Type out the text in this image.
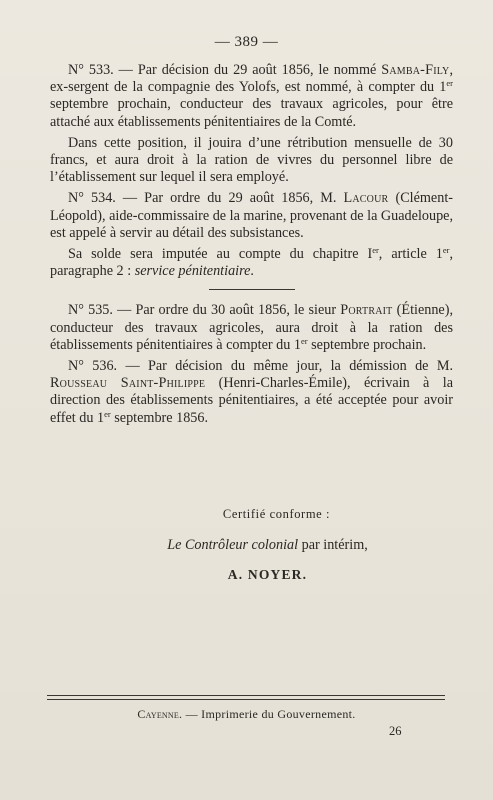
— 389 —

N° 533. — Par décision du 29 août 1856, le nommé Samba-Fily, ex-sergent de la compagnie des Yolofs, est nommé, à compter du 1er septembre prochain, conducteur des travaux agricoles, pour être attaché aux établissements pénitentiaires de la Comté.

Dans cette position, il jouira d’une rétribution mensuelle de 30 francs, et aura droit à la ration de vivres du personnel libre de l’établissement sur lequel il sera employé.

N° 534. — Par ordre du 29 août 1856, M. Lacour (Clément-Léopold), aide-commissaire de la marine, provenant de la Guadeloupe, est appelé à servir au détail des subsistances.

Sa solde sera imputée au compte du chapitre Ier, article 1er, paragraphe 2 : service pénitentiaire.

N° 535. — Par ordre du 30 août 1856, le sieur Portrait (Étienne), conducteur des travaux agricoles, aura droit à la ration des établissements pénitentiaires à compter du 1er septembre prochain.

N° 536. — Par décision du même jour, la démission de M. Rousseau Saint-Philippe (Henri-Charles-Émile), écrivain à la direction des établissements pénitentiaires, a été acceptée pour avoir effet du 1er septembre 1856.

Certifié conforme :
Le Contrôleur colonial par intérim,
A. NOYER.
Cayenne. — Imprimerie du Gouvernement.
26
